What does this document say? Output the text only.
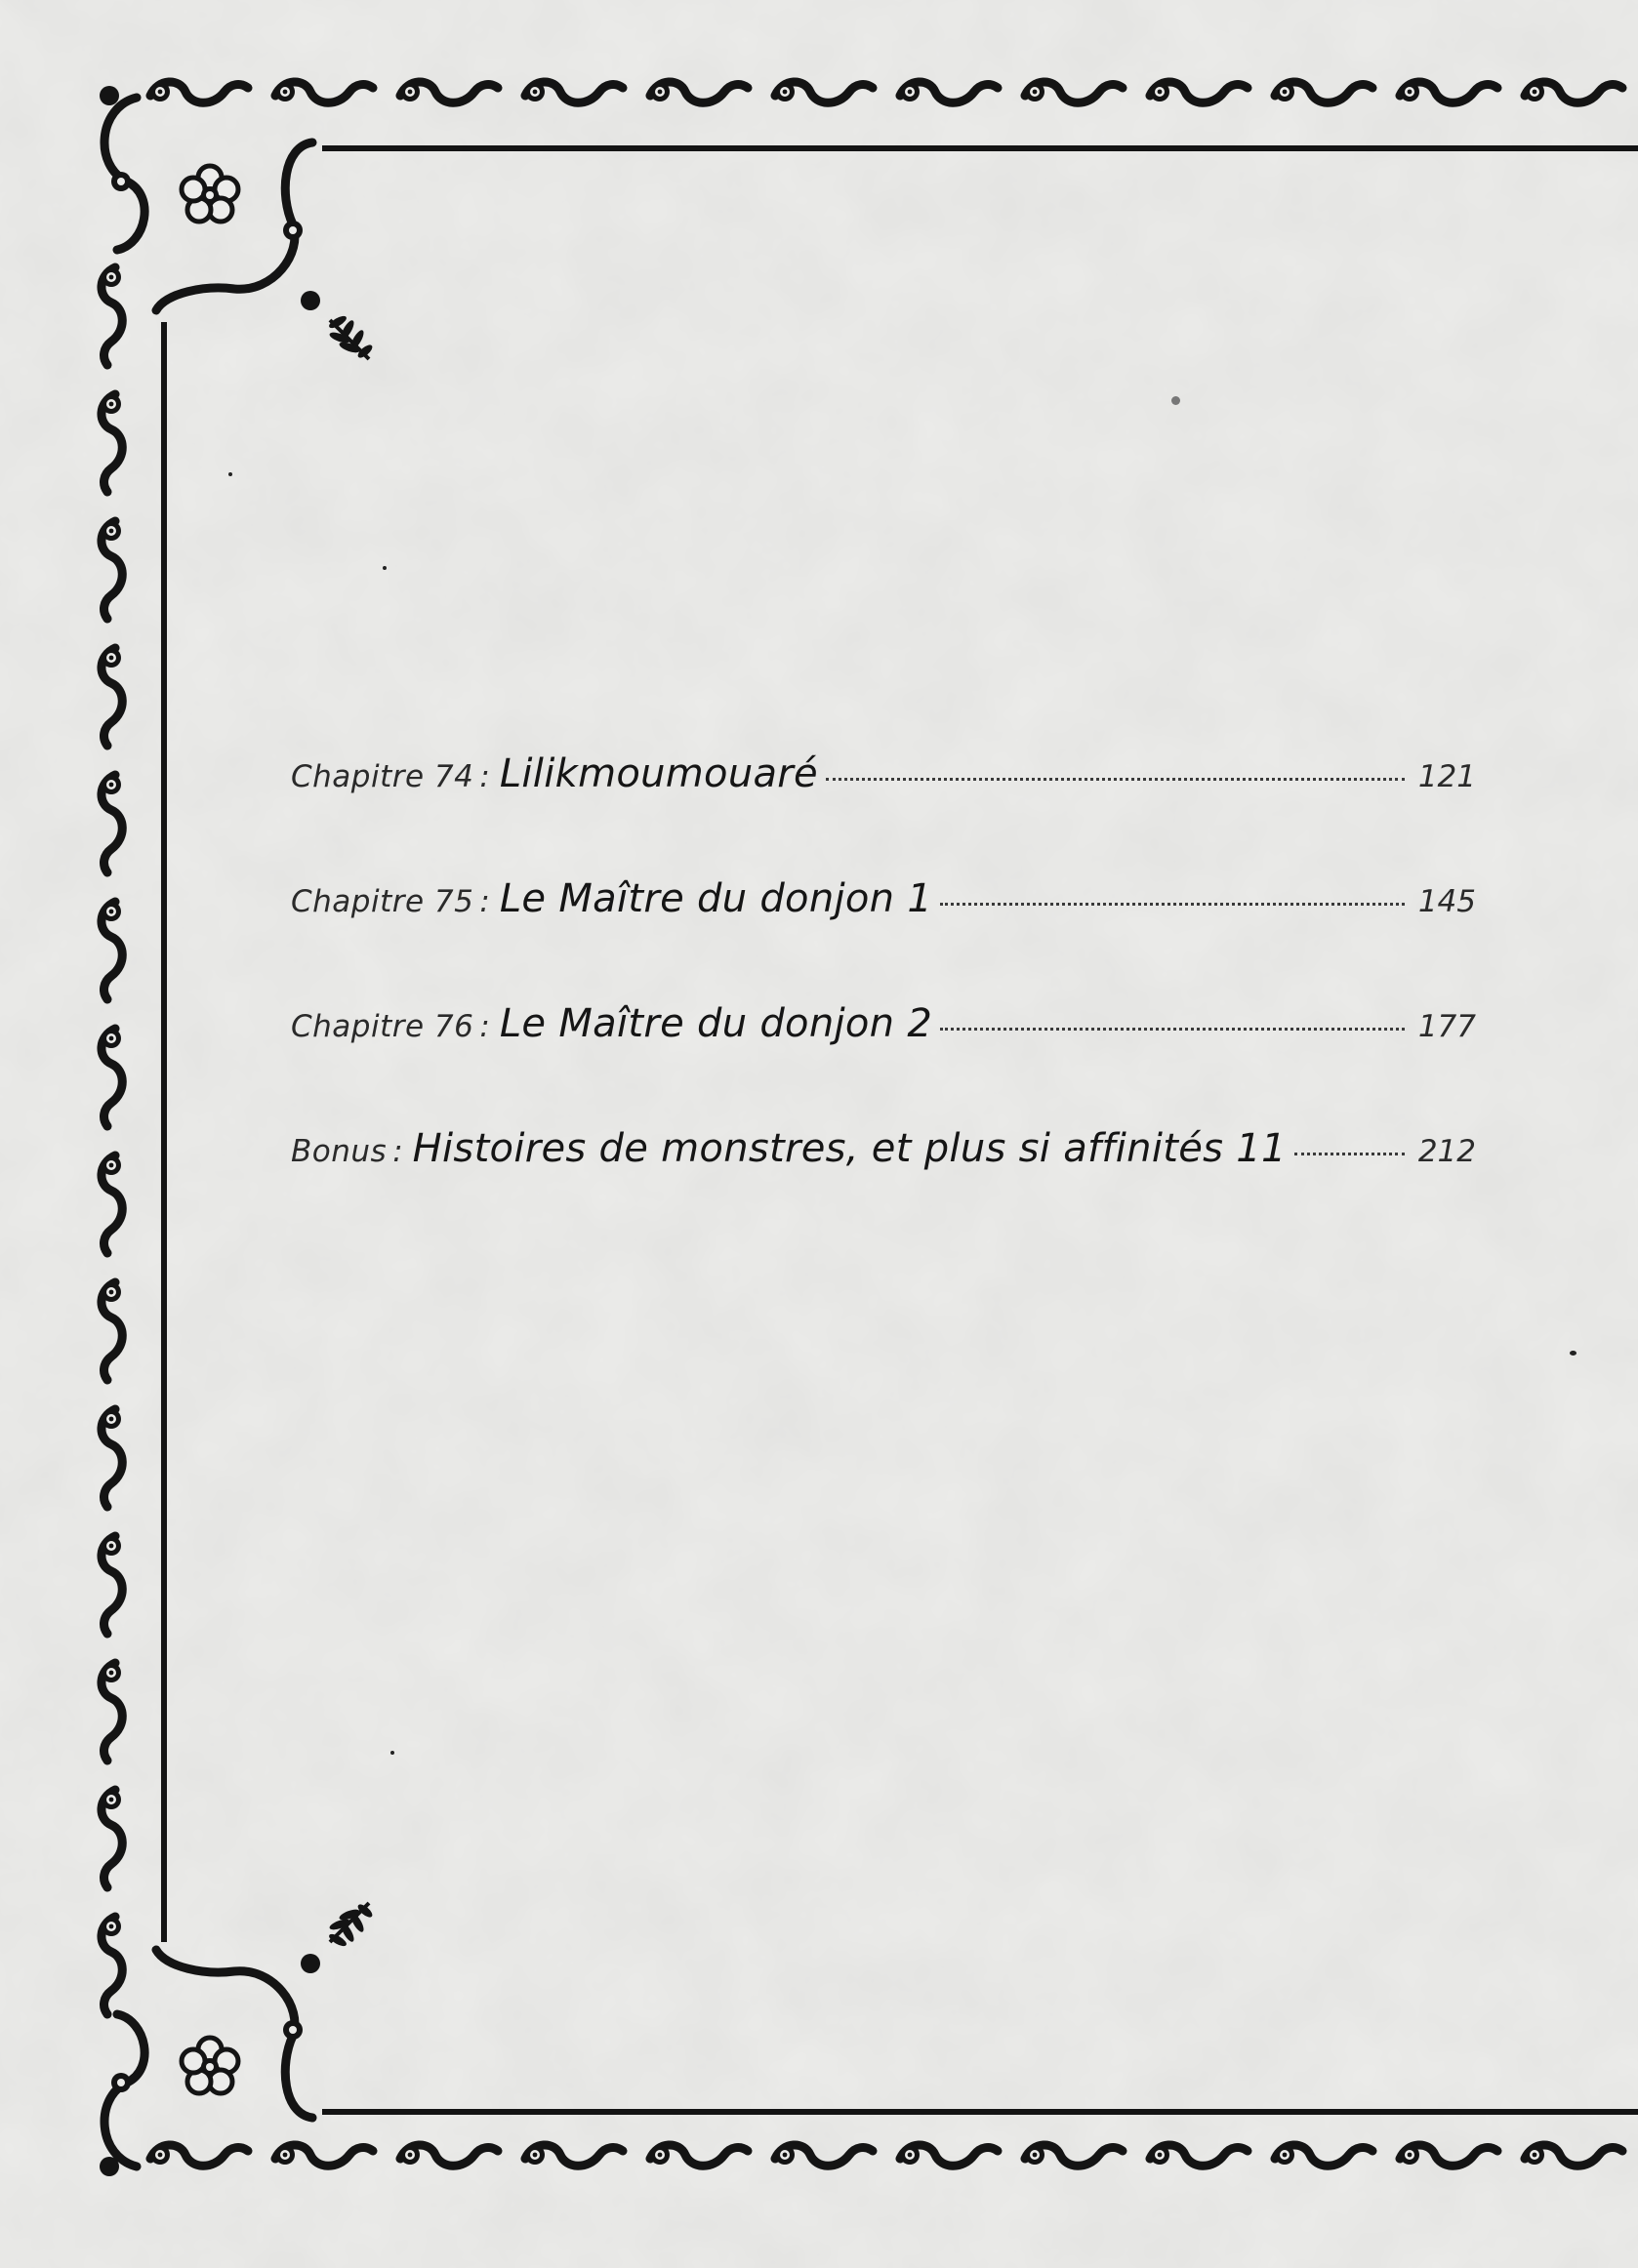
Chapitre 74 : Lilikmoumouaré	121
Chapitre 75 : Le Maître du donjon 1	145
Chapitre 76 : Le Maître du donjon 2	177
Bonus : Histoires de monstres, et plus si affinités 11	212
